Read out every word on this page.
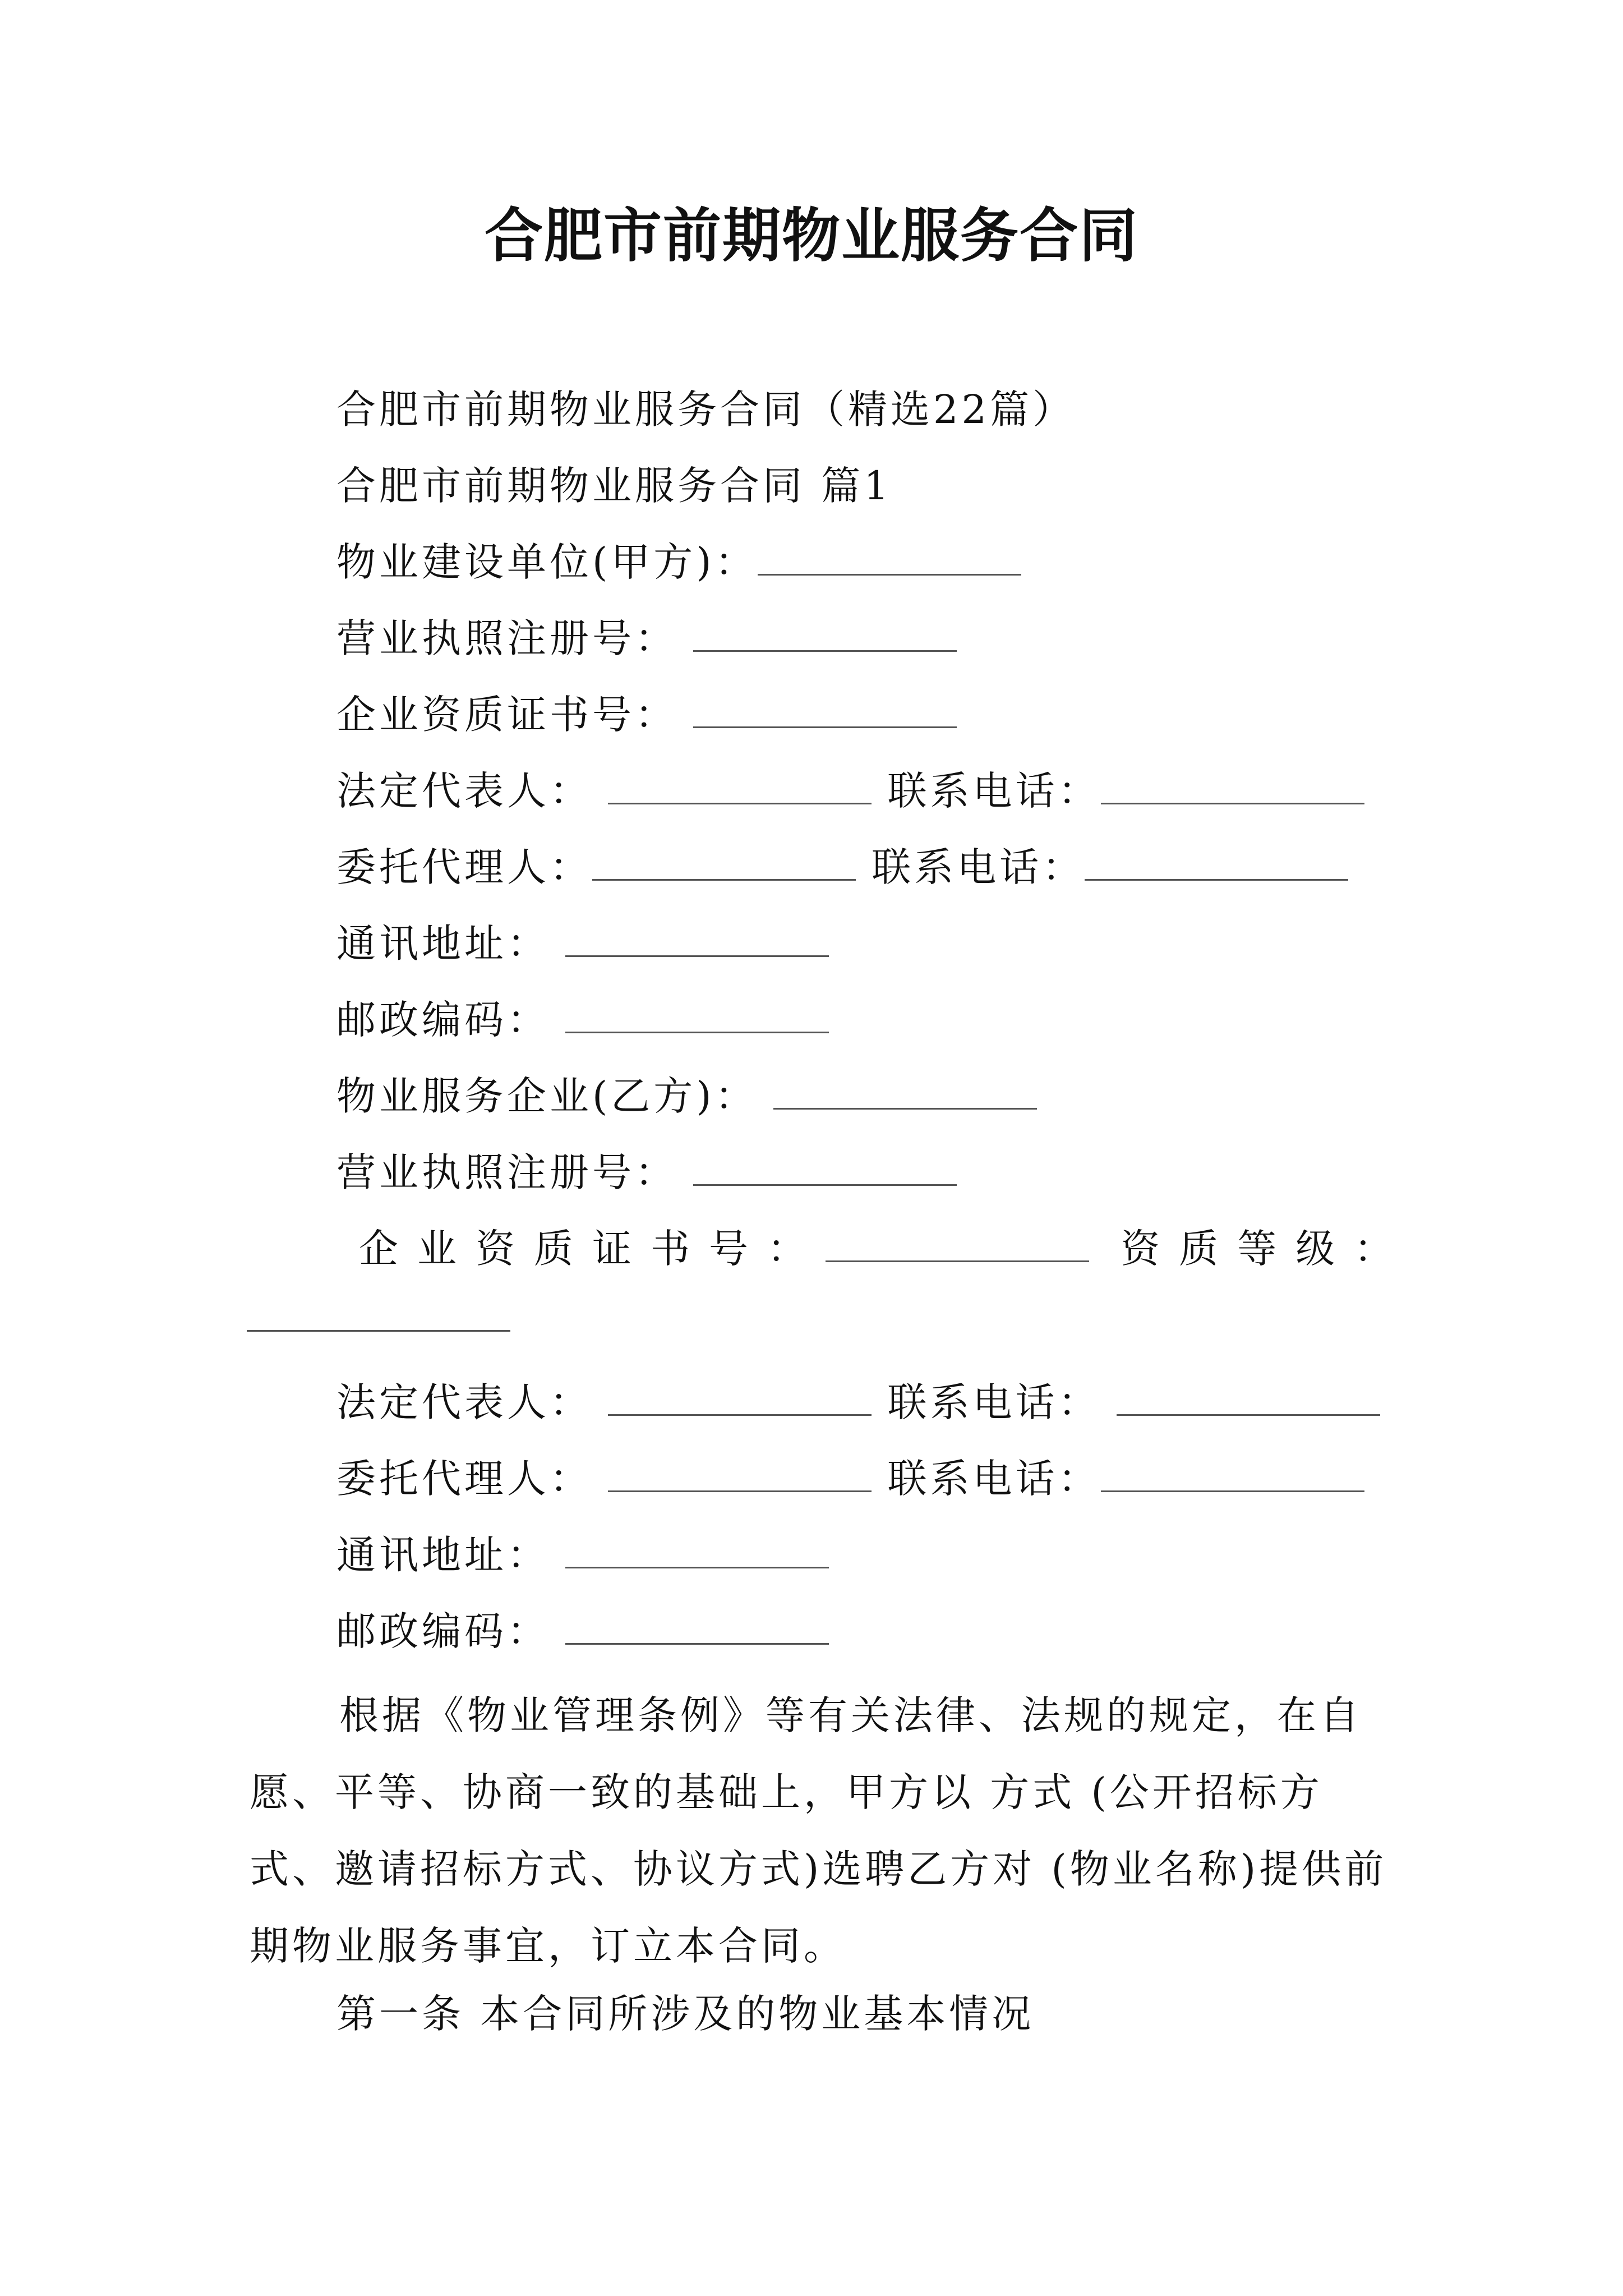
合肥市前期物业服务合同
合肥市前期物业服务合同（精选22篇）
合肥市前期物业服务合同 篇1
物业建设单位(甲方)：
营业执照注册号：
企业资质证书号：
法定代表人：	联系电话：
委托代理人：	联系电话：
通讯地址：
邮政编码：
物业服务企业(乙方)：
营业执照注册号：
企业资质证书号：	资质等级：
法定代表人：	联系电话：
委托代理人：	联系电话：
通讯地址：
邮政编码：
根据《物业管理条例》等有关法律、法规的规定，在自愿、平等、协商一致的基础上，甲方以 方式 (公开招标方式、邀请招标方式、协议方式)选聘乙方对 (物业名称)提供前期物业服务事宜，订立本合同。
第一条 本合同所涉及的物业基本情况
